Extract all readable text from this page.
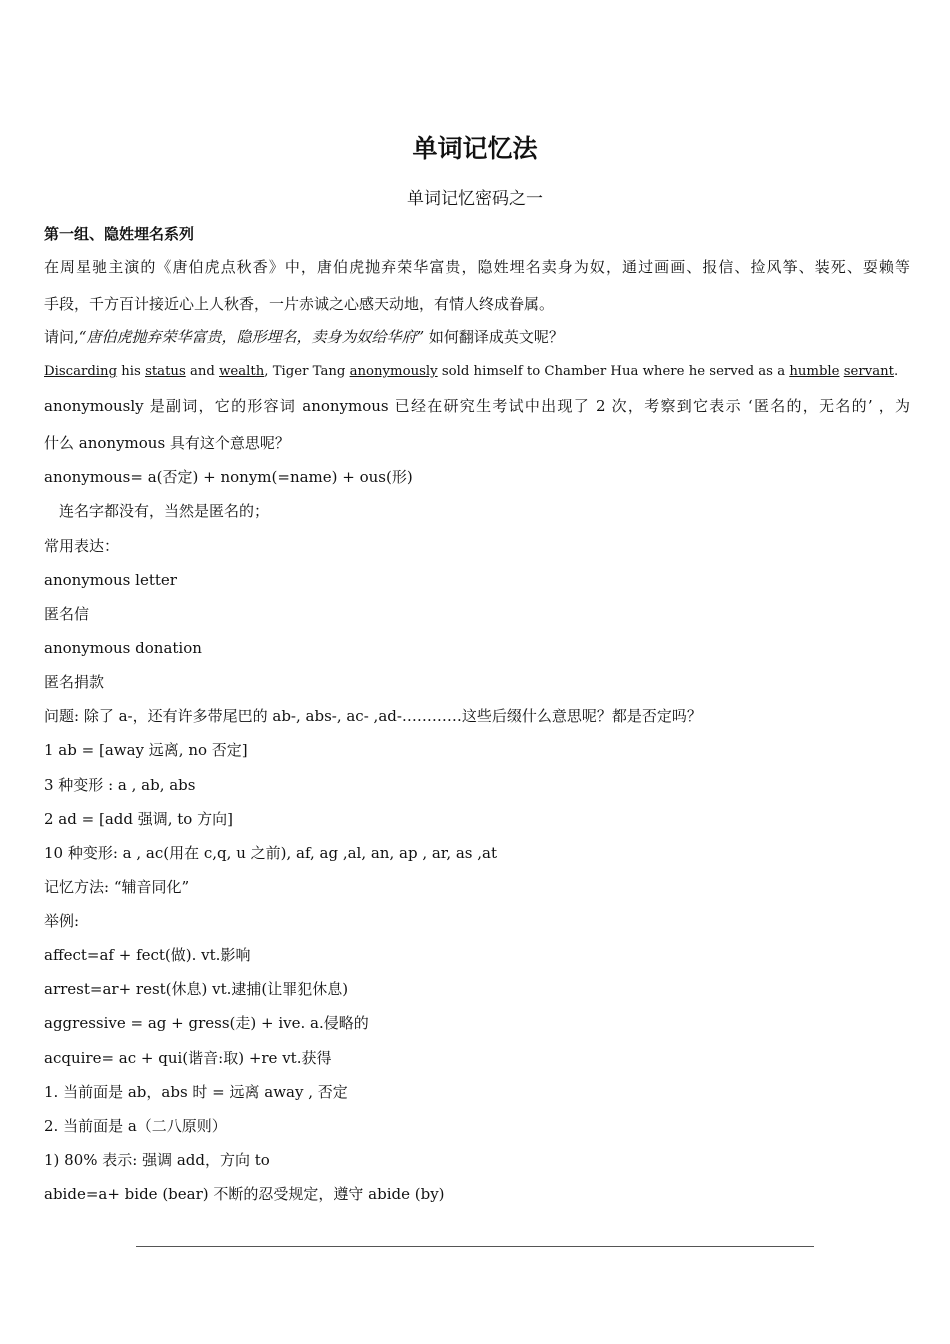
单词记忆法

单词记忆密码之一

第一组、隐姓埋名系列

在周星驰主演的《唐伯虎点秋香》中，唐伯虎抛弃荣华富贵，隐姓埋名卖身为奴，通过画画、报信、捡风筝、装死、耍赖等

手段，千方百计接近心上人秋香，一片赤诚之心感天动地，有情人终成眷属。

请问,“唐伯虎抛弃荣华富贵，隐形埋名，卖身为奴给华府” 如何翻译成英文呢？

Discarding his status and wealth, Tiger Tang anonymously sold himself to Chamber Hua where he served as a humble servant.

anonymously 是副词，它的形容词 anonymous 已经在研究生考试中出现了 2 次，考察到它表示 ‘匿名的，无名的’ ，为

什么 anonymous 具有这个意思呢？

anonymous= a(否定) + nonym(=name) + ous(形)

　连名字都没有，当然是匿名的；

常用表达：

anonymous letter

匿名信

anonymous donation

匿名捐款

问题: 除了 a-，还有许多带尾巴的 ab-, abs-, ac- ,ad-…………这些后缀什么意思呢？都是否定吗？

1 ab = [away 远离, no 否定]

3 种变形 : a , ab, abs

2 ad = [add 强调, to 方向]

10 种变形: a , ac(用在 c,q, u 之前), af, ag ,al, an, ap , ar, as ,at

记忆方法: “辅音同化”

举例:

affect=af + fect(做). vt.影响

arrest=ar+ rest(休息) vt.逮捕(让罪犯休息)

aggressive = ag + gress(走) + ive. a.侵略的

acquire= ac + qui(谐音:取) +re vt.获得

1. 当前面是 ab，abs 时 = 远离 away , 否定

2. 当前面是 a（二八原则）

1) 80% 表示: 强调 add，方向 to

abide=a+ bide (bear) 不断的忍受规定，遵守 abide (by)
